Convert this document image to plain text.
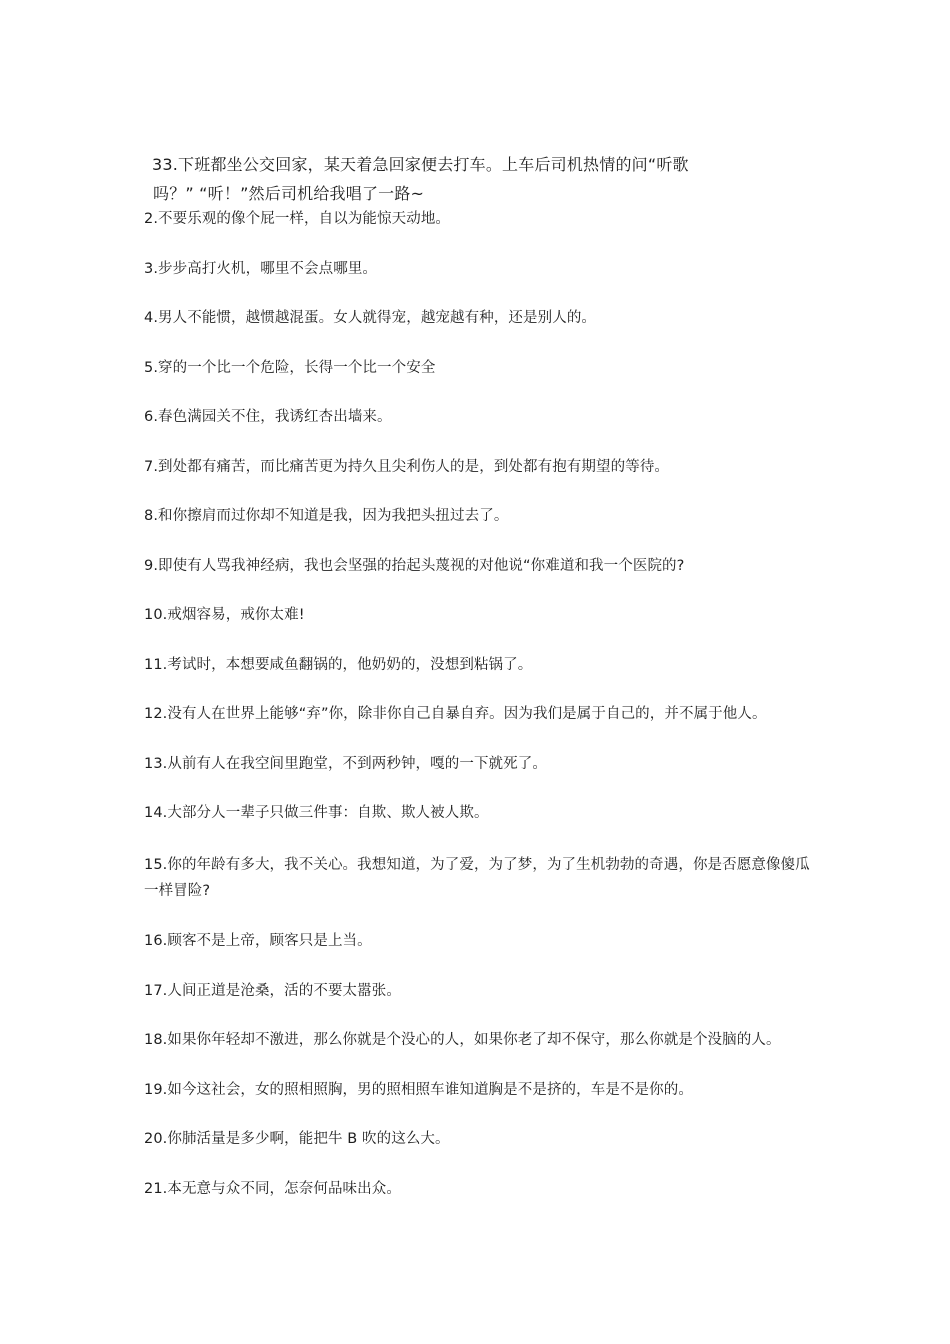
33.下班都坐公交回家，某天着急回家便去打车。上车后司机热情的问“听歌
吗？” “听！”然后司机给我唱了一路~
2.不要乐观的像个屁一样，自以为能惊天动地。
3.步步高打火机，哪里不会点哪里。
4.男人不能惯，越惯越混蛋。女人就得宠，越宠越有种，还是别人的。
5.穿的一个比一个危险，长得一个比一个安全
6.春色满园关不住，我诱红杏出墙来。
7.到处都有痛苦，而比痛苦更为持久且尖利伤人的是，到处都有抱有期望的等待。
8.和你擦肩而过你却不知道是我，因为我把头扭过去了。
9.即使有人骂我神经病，我也会坚强的抬起头蔑视的对他说“你难道和我一个医院的?
10.戒烟容易，戒你太难!
11.考试时，本想要咸鱼翻锅的，他奶奶的，没想到粘锅了。
12.没有人在世界上能够“弃”你，除非你自己自暴自弃。因为我们是属于自己的，并不属于他人。
13.从前有人在我空间里跑堂，不到两秒钟，嘎的一下就死了。
14.大部分人一辈子只做三件事：自欺、欺人被人欺。
15.你的年龄有多大，我不关心。我想知道，为了爱，为了梦，为了生机勃勃的奇遇，你是否愿意像傻瓜一样冒险?
16.顾客不是上帝，顾客只是上当。
17.人间正道是沧桑，活的不要太嚣张。
18.如果你年轻却不激进，那么你就是个没心的人，如果你老了却不保守，那么你就是个没脑的人。
19.如今这社会，女的照相照胸，男的照相照车谁知道胸是不是挤的，车是不是你的。
20.你肺活量是多少啊，能把牛 B 吹的这么大。
21.本无意与众不同，怎奈何品味出众。
